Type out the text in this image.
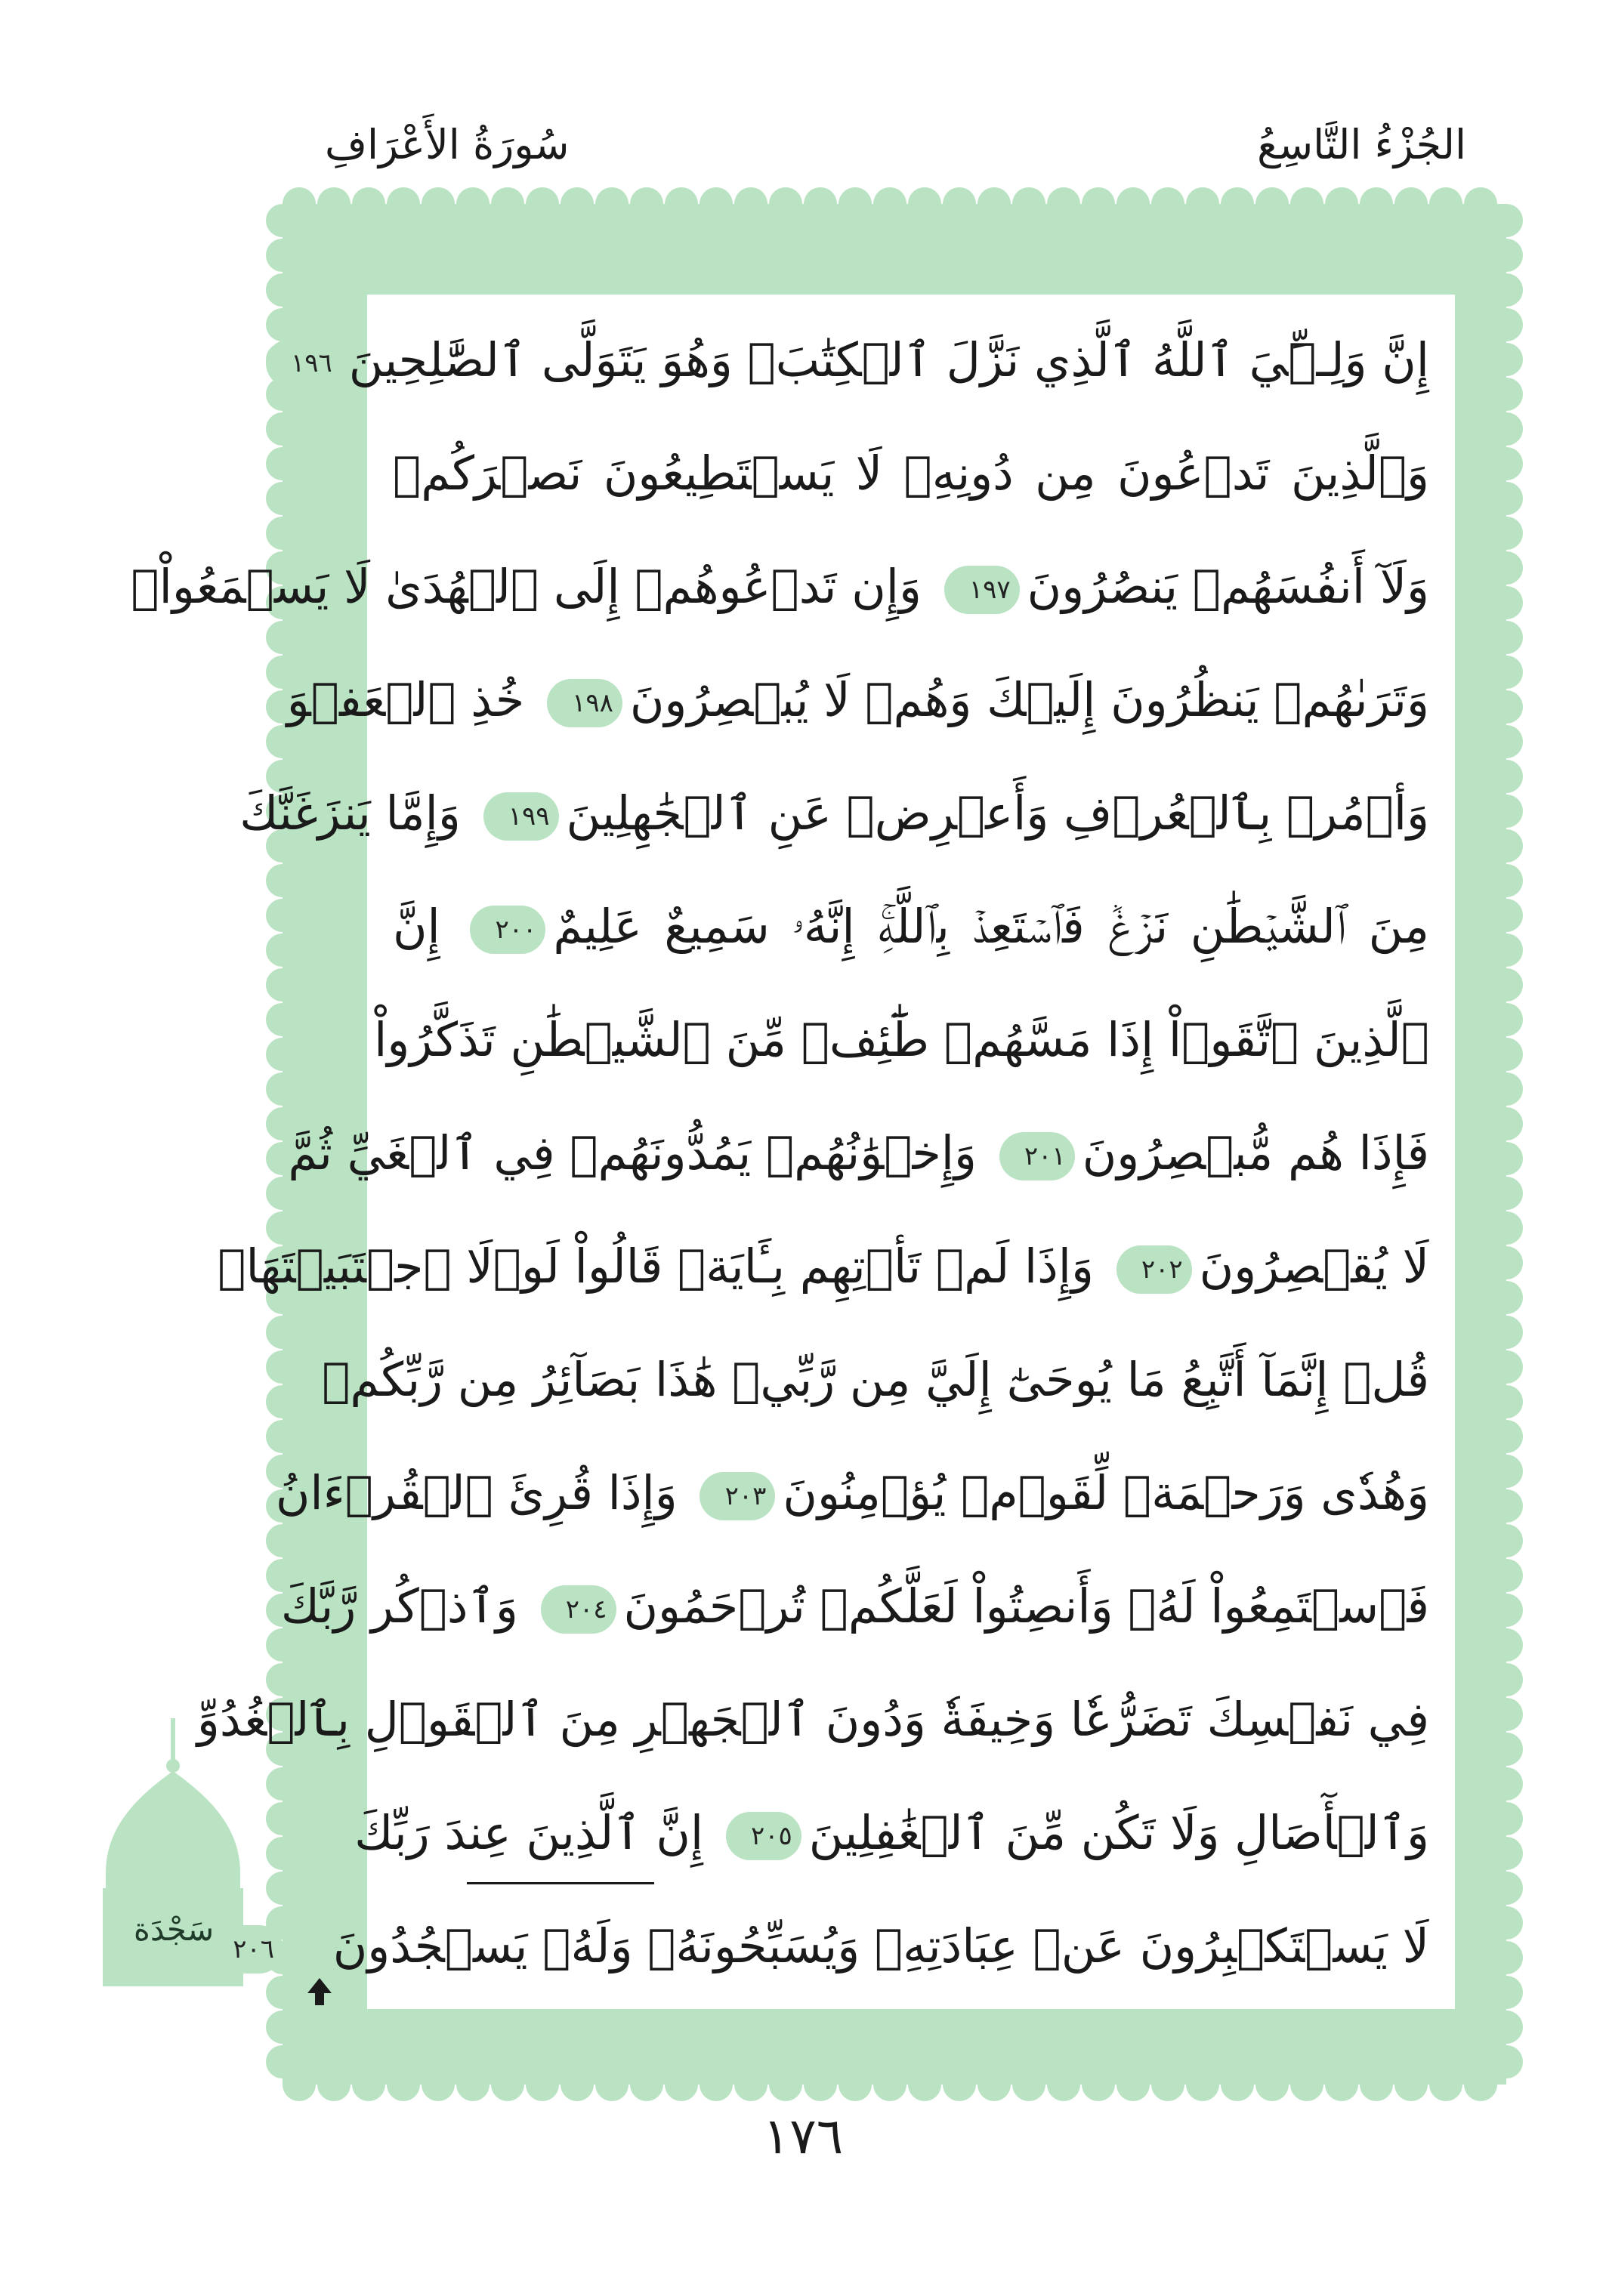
الجُزْءُ التَّاسِعُ
سُورَةُ الأَعْرَافِ
إِنَّ وَلِـِّۧيَ ٱللَّهُ ٱلَّذِي نَزَّلَ ٱلۡكِتَٰبَۖ وَهُوَ يَتَوَلَّى ٱلصَّٰلِحِينَ١٩٦
وَٱلَّذِينَ تَدۡعُونَ مِن دُونِهِۦ لَا يَسۡتَطِيعُونَ نَصۡرَكُمۡ
وَلَآ أَنفُسَهُمۡ يَنصُرُونَ١٩٧ وَإِن تَدۡعُوهُمۡ إِلَى ٱلۡهُدَىٰ لَا يَسۡمَعُواْۖ
وَتَرَىٰهُمۡ يَنظُرُونَ إِلَيۡكَ وَهُمۡ لَا يُبۡصِرُونَ١٩٨ خُذِ ٱلۡعَفۡوَ
وَأۡمُرۡ بِٱلۡعُرۡفِ وَأَعۡرِضۡ عَنِ ٱلۡجَٰهِلِينَ١٩٩ وَإِمَّا يَنزَغَنَّكَ
مِنَ ٱلشَّيۡطَٰنِ نَزۡغٞ فَٱسۡتَعِذۡ بِٱللَّهِۚ إِنَّهُۥ سَمِيعٌ عَلِيمٌ٢٠٠ إِنَّ
ٱلَّذِينَ ٱتَّقَوۡاْ إِذَا مَسَّهُمۡ طَٰٓئِفٞ مِّنَ ٱلشَّيۡطَٰنِ تَذَكَّرُواْ
فَإِذَا هُم مُّبۡصِرُونَ٢٠١ وَإِخۡوَٰنُهُمۡ يَمُدُّونَهُمۡ فِي ٱلۡغَيِّ ثُمَّ
لَا يُقۡصِرُونَ٢٠٢ وَإِذَا لَمۡ تَأۡتِهِم بِـَٔايَةٖ قَالُواْ لَوۡلَا ٱجۡتَبَيۡتَهَاۚ
قُلۡ إِنَّمَآ أَتَّبِعُ مَا يُوحَىٰٓ إِلَيَّ مِن رَّبِّيۚ هَٰذَا بَصَآئِرُ مِن رَّبِّكُمۡ
وَهُدٗى وَرَحۡمَةٞ لِّقَوۡمٖ يُؤۡمِنُونَ٢٠٣ وَإِذَا قُرِئَ ٱلۡقُرۡءَانُ
فَٱسۡتَمِعُواْ لَهُۥ وَأَنصِتُواْ لَعَلَّكُمۡ تُرۡحَمُونَ٢٠٤ وَٱذۡكُر رَّبَّكَ
فِي نَفۡسِكَ تَضَرُّعٗا وَخِيفَةٗ وَدُونَ ٱلۡجَهۡرِ مِنَ ٱلۡقَوۡلِ بِٱلۡغُدُوِّ
وَٱلۡأٓصَالِ وَلَا تَكُن مِّنَ ٱلۡغَٰفِلِينَ٢٠٥ إِنَّ ٱلَّذِينَ عِندَ رَبِّكَ
لَا يَسۡتَكۡبِرُونَ عَنۡ عِبَادَتِهِۦ وَيُسَبِّحُونَهُۥ وَلَهُۥ يَسۡجُدُونَ ٢٠٦
سَجْدَة
١٧٦
